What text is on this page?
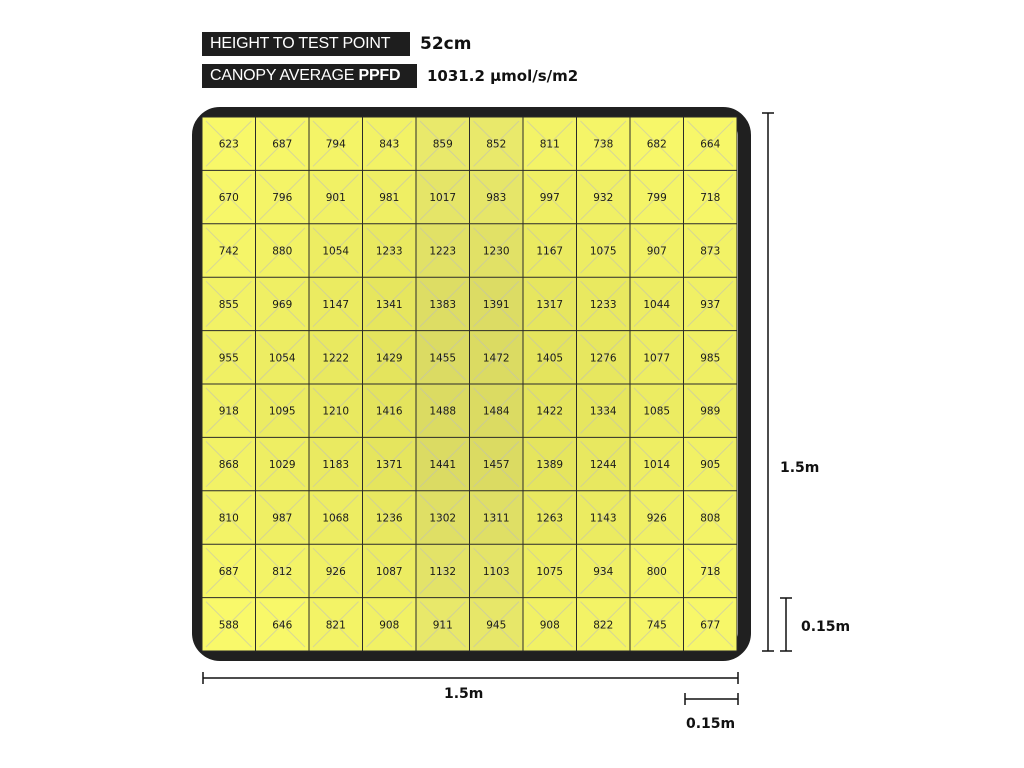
HEIGHT TO TEST POINT	52cm
CANOPY AVERAGE PPFD	1031.2 µmol/s/m2
623	687	794	843	859	852	811	738	682	664
670	796	901	981	1017	983	997	932	799	718
742	880	1054	1233	1223	1230	1167	1075	907	873
855	969	1147	1341	1383	1391	1317	1233	1044	937
955	1054	1222	1429	1455	1472	1405	1276	1077	985
918	1095	1210	1416	1488	1484	1422	1334	1085	989
868	1029	1183	1371	1441	1457	1389	1244	1014	905
810	987	1068	1236	1302	1311	1263	1143	926	808
687	812	926	1087	1132	1103	1075	934	800	718
588	646	821	908	911	945	908	822	745	677
1.5m
1.5m
0.15m
0.15m
